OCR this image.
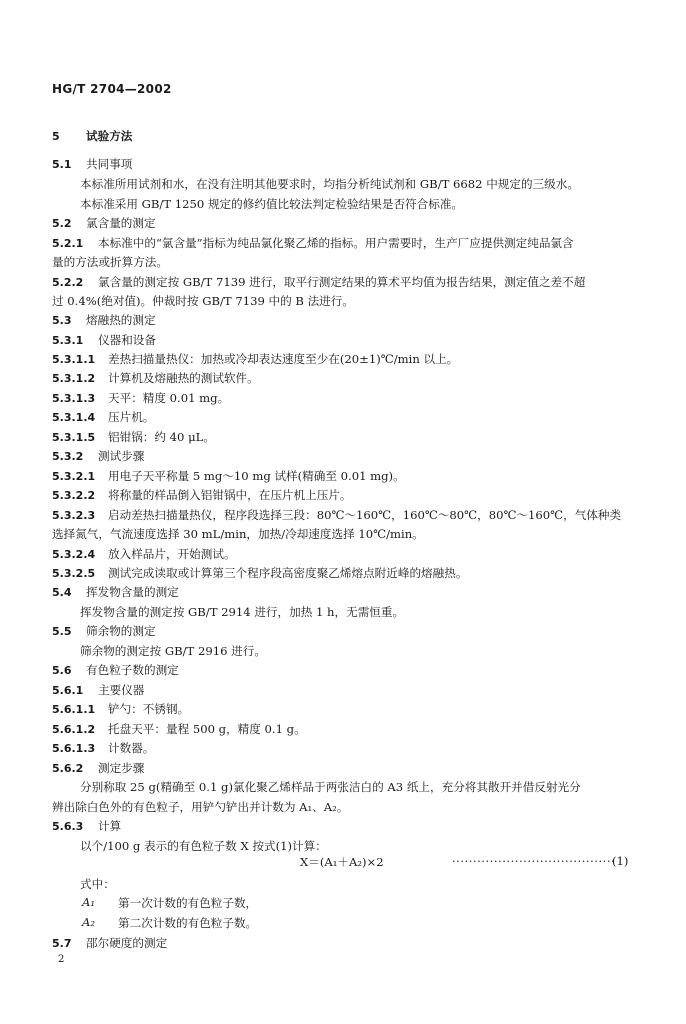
HG/T 2704—2002
5 试验方法
5.1 共同事项
本标准所用试剂和水，在没有注明其他要求时，均指分析纯试剂和 GB/T 6682 中规定的三级水。
本标准采用 GB/T 1250 规定的修约值比较法判定检验结果是否符合标准。
5.2 氯含量的测定
5.2.1 本标准中的“氯含量”指标为纯品氯化聚乙烯的指标。用户需要时，生产厂应提供测定纯品氯含
量的方法或折算方法。
5.2.2 氯含量的测定按 GB/T 7139 进行，取平行测定结果的算术平均值为报告结果，测定值之差不超
过 0.4%(绝对值)。仲裁时按 GB/T 7139 中的 B 法进行。
5.3 熔融热的测定
5.3.1 仪器和设备
5.3.1.1 差热扫描量热仪：加热或冷却表达速度至少在(20±1)℃/min 以上。
5.3.1.2 计算机及熔融热的测试软件。
5.3.1.3 天平：精度 0.01 mg。
5.3.1.4 压片机。
5.3.1.5 铝钳锅：约 40 μL。
5.3.2 测试步骤
5.3.2.1 用电子天平称量 5 mg～10 mg 试样(精确至 0.01 mg)。
5.3.2.2 将称量的样品倒入铝钳锅中，在压片机上压片。
5.3.2.3 启动差热扫描量热仪，程序段选择三段：80℃～160℃，160℃～80℃，80℃～160℃，气体种类
选择氮气，气流速度选择 30 mL/min，加热/冷却速度选择 10℃/min。
5.3.2.4 放入样品片，开始测试。
5.3.2.5 测试完成读取或计算第三个程序段高密度聚乙烯熔点附近峰的熔融热。
5.4 挥发物含量的测定
挥发物含量的测定按 GB/T 2914 进行，加热 1 h，无需恒重。
5.5 筛余物的测定
筛余物的测定按 GB/T 2916 进行。
5.6 有色粒子数的测定
5.6.1 主要仪器
5.6.1.1 铲勺：不锈钢。
5.6.1.2 托盘天平：量程 500 g，精度 0.1 g。
5.6.1.3 计数器。
5.6.2 测定步骤
分别称取 25 g(精确至 0.1 g)氯化聚乙烯样品于两张洁白的 A3 纸上，充分将其散开并借反射光分
辨出除白色外的有色粒子，用铲勺铲出并计数为 A₁、A₂。
5.6.3 计算
以个/100 g 表示的有色粒子数 X 按式(1)计算：
X＝(A₁＋A₂)×2	·······································
(1)
式中：
A₁ 第一次计数的有色粒子数，
A₂ 第二次计数的有色粒子数。
5.7 邵尔硬度的测定
2
